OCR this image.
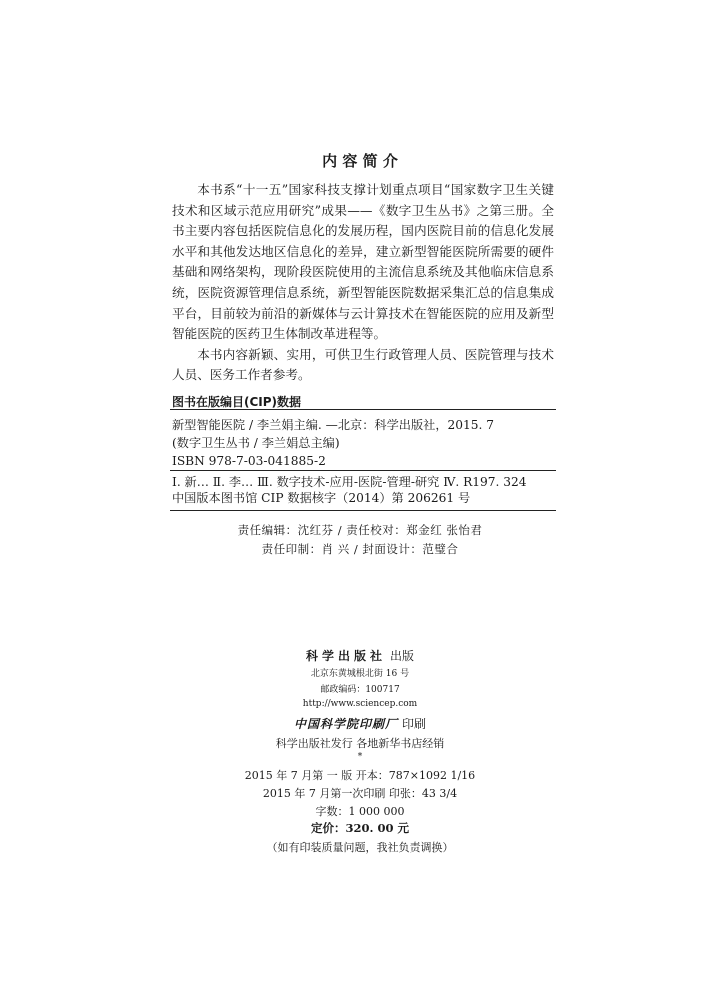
内 容 简 介

本书系“十一五”国家科技支撑计划重点项目“国家数字卫生关键技术和区域示范应用研究”成果——《数字卫生丛书》之第三册。全书主要内容包括医院信息化的发展历程，国内医院目前的信息化发展水平和其他发达地区信息化的差异，建立新型智能医院所需要的硬件基础和网络架构，现阶段医院使用的主流信息系统及其他临床信息系统，医院资源管理信息系统，新型智能医院数据采集汇总的信息集成平台，目前较为前沿的新媒体与云计算技术在智能医院的应用及新型智能医院的医药卫生体制改革进程等。

本书内容新颖、实用，可供卫生行政管理人员、医院管理与技术人员、医务工作者参考。

图书在版编目(CIP)数据
新型智能医院 / 李兰娟主编. —北京：科学出版社，2015. 7
(数字卫生丛书 / 李兰娟总主编)
ISBN 978-7-03-041885-2
Ⅰ. 新… Ⅱ. 李… Ⅲ. 数字技术-应用-医院-管理-研究 Ⅳ. R197. 324
中国版本图书馆 CIP 数据核字（2014）第 206261 号
责任编辑：沈红芬 / 责任校对：郑金红 张怡君
责任印制：肖 兴 / 封面设计：范璧合
科学出版社 出版
北京东黄城根北街 16 号
邮政编码：100717
http://www.sciencep.com
中国科学院印刷厂 印刷
科学出版社发行 各地新华书店经销
*
2015 年 7 月第 一 版 开本：787×1092 1/16
2015 年 7 月第一次印刷 印张：43 3/4
字数：1 000 000
定价：320. 00 元
（如有印装质量问题，我社负责调换）
